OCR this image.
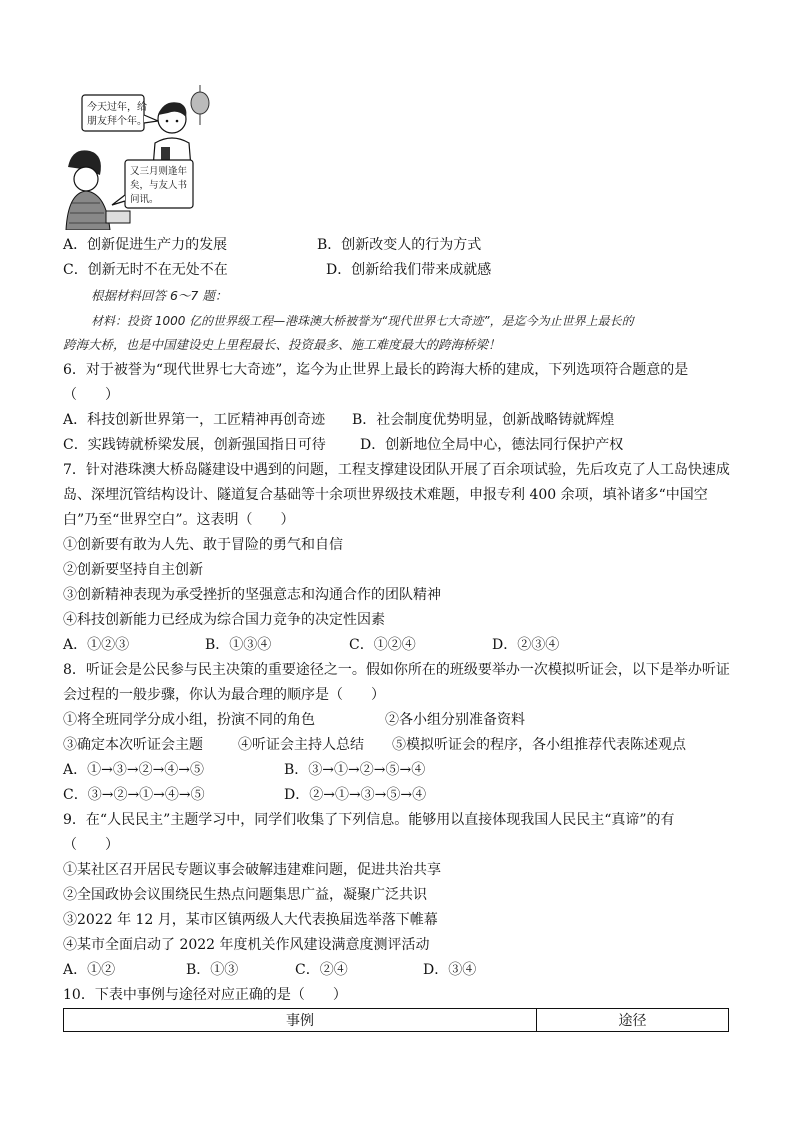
今天过年，给
朋友拜个年。
又三月则逢年
矣，与友人书
问讯。
A．创新促进生产力的发展	B．创新改变人的行为方式
C．创新无时不在无处不在	D．创新给我们带来成就感
根据材料回答 6～7 题：
材料：投资 1000 亿的世界级工程—港珠澳大桥被誉为“现代世界七大奇迹”，是迄今为止世界上最长的
跨海大桥，也是中国建设史上里程最长、投资最多、施工难度最大的跨海桥梁！
6．对于被誉为“现代世界七大奇迹”，迄今为止世界上最长的跨海大桥的建成，下列选项符合题意的是
（　　）
A．科技创新世界第一，工匠精神再创奇迹 B．社会制度优势明显，创新战略铸就辉煌
C．实践铸就桥梁发展，创新强国指日可待 D．创新地位全局中心，德法同行保护产权
7．针对港珠澳大桥岛隧建设中遇到的问题，工程支撑建设团队开展了百余项试验，先后攻克了人工岛快速成
岛、深埋沉管结构设计、隧道复合基础等十余项世界级技术难题，申报专利 400 余项，填补诸多“中国空
白”乃至“世界空白”。这表明（　　）
①创新要有敢为人先、敢于冒险的勇气和自信
②创新要坚持自主创新
③创新精神表现为承受挫折的坚强意志和沟通合作的团队精神
④科技创新能力已经成为综合国力竞争的决定性因素
A．①②③	B．①③④	C．①②④	D．②③④
8．听证会是公民参与民主决策的重要途径之一。假如你所在的班级要举办一次模拟听证会，以下是举办听证
会过程的一般步骤，你认为最合理的顺序是（　　）
①将全班同学分成小组，扮演不同的角色	②各小组分别准备资料
③确定本次听证会主题	④听证会主持人总结 ⑤模拟听证会的程序，各小组推荐代表陈述观点
A．①→③→②→④→⑤	B．③→①→②→⑤→④
C．③→②→①→④→⑤	D．②→①→③→⑤→④
9．在“人民民主”主题学习中，同学们收集了下列信息。能够用以直接体现我国人民民主“真谛”的有
（　　）
①某社区召开居民专题议事会破解违建难问题，促进共治共享
②全国政协会议围绕民生热点问题集思广益，凝聚广泛共识
③2022 年 12 月，某市区镇两级人大代表换届选举落下帷幕
④某市全面启动了 2022 年度机关作风建设满意度测评活动
A．①②	B．①③	C．②④	D．③④
10．下表中事例与途径对应正确的是（　　）
事例	途径
